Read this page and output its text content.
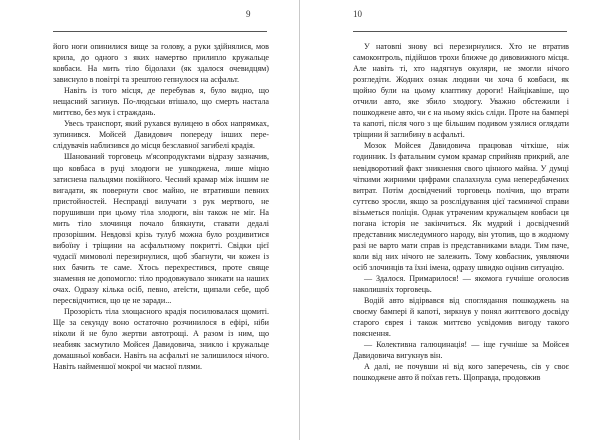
9

його ноги опинилися вище за голову, а руки здійнялися, мов крила, до одного з яких намертво прилипло кружальце ковбаси. На мить тіло бідолахи (як здалося очевидцям) зависнуло в повітрі та зрештою гепнулося на асфальт.

Навіть із того місця, де перебував я, було видно, що нещасний загинув. По-людськи втішало, що смерть настала миттєво, без мук і страждань.

Увесь транспорт, який рухався вулицею в обох напрямках, зупинився. Мойсей Давидович попереду інших пере-слідувачів наблизився до місця безславної загибелі крадія.

Шанований торговець м'ясопродуктами відразу зазначив, що ковбаса в руці злодюги не ушкоджена, лише міцно затиснена пальцями покійного. Чесний крамар між іншим не вигадати, як повернути своє майно, не втративши певних пристойностей. Несправді вилучати з рук мертвого, не порушивши при цьому тіла злодюги, він також не міг. На мить тіло злочинця почало блякнути, ставати дедалі прозорішим. Невдовзі крізь тулуб можна було роздивитися вибоїну і тріщини на асфальтному покритті. Свідки цієї чудасії мимоволі перезирнулися, щоб збагнути, чи кожен із них бачить те саме. Хтось перехрестився, проте свяще знамення не допомогло: тіло продовжувало зникати на наших очах. Одразу кілька осіб, певно, атеїсти, щипали себе, щоб пересвідчитися, що це не заради...

Прозорість тіла злощасного крадія посилювалася щомиті. Ще за секунду воно остаточно розчинилося в ефірі, ніби ніколи й не було жертви автотрощі. А разом із ним, що неабияк засмутило Мойсея Давидовича, зникло і кружальце домашньої ковбаси. Навіть на асфальті не залишилося нічого. Навіть найменшої мокрої чи масної плями.

10

У натовпі знову всі перезирнулися. Хто не втратив самоконтроль, підійшов трохи ближче до дивовижного місця. Але навіть ті, хто надягнув окуляри, не змогли нічого розгледіти. Жодних ознак людини чи хоча б ковбаси, як щойно були на цьому клаптику дороги! Найцікавіше, що отчили авто, яке збило злодюгу. Уважно обстежили і пошкоджене авто, чи є на ньому якісь сліди. Проте на бампері та капоті, після чого з ще більшим подивом узялися оглядати тріщини й заглибину в асфальті.

Мозок Мойсея Давидовича працював чіткіше, ніж годинник. Із фатальним сумом крамар сприйняв прикрий, але невідворотний факт зникнення свого цінного майна. У думці чіткими жирними цифрами спалахнула сума непередбачених витрат. Потім досвідчений торговець полічив, що втрати суттєво зросли, якщо за розслідування цієї таємничої справи візьметься поліція. Однак утраченим кружальцем ковбаси ця погана історія не закінчиться. Як мудрий і досвідчений представник миследумного народу, він утопив, що в жодному разі не варто мати справ із представниками влади. Тим паче, коли від них нічого не залежить. Тому ковбасник, уявляючи осіб злочинців та їхні імена, одразу швидко оцінив ситуацію.

— Здалося. Примарилося! — якомога гучніше оголосив наколишніх торговець.

Водій авто відірвався від споглядання пошкоджень на своєму бампері й капоті, зиркнув у понял життєвого досвіду старого єврея і також миттєво усвідомив вигоду такого пояснення.

— Колективна галюцинація! — іще гучніше за Мойсея Давидовича вигукнув він.

А далі, не почувши ні від кого заперечень, сів у своє пошкоджене авто й поїхав геть. Щоправда, продовжив
